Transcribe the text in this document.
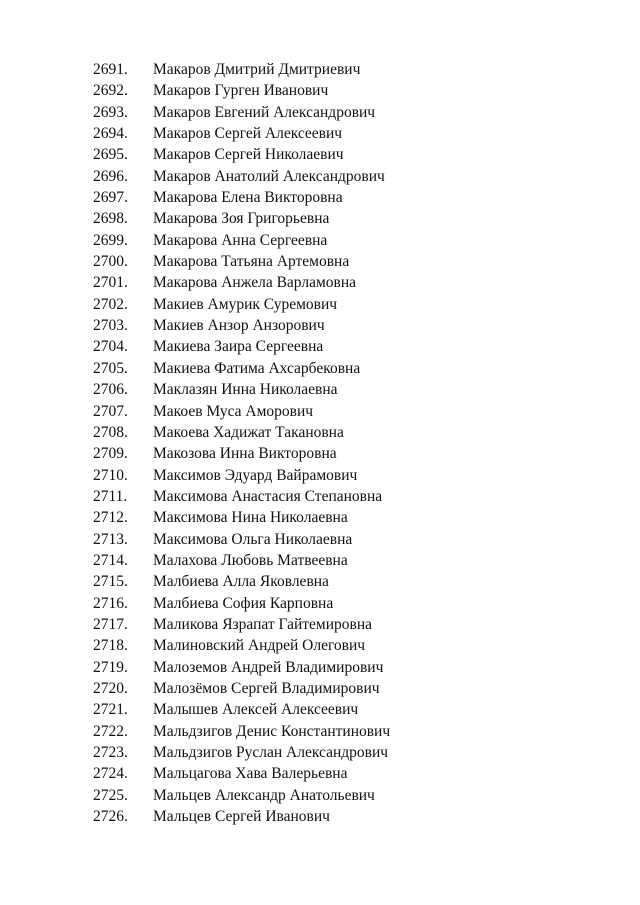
2691.	Макаров Дмитрий Дмитриевич
2692.	Макаров Гурген Иванович
2693.	Макаров Евгений Александрович
2694.	Макаров Сергей Алексеевич
2695.	Макаров Сергей Николаевич
2696.	Макаров Анатолий Александрович
2697.	Макарова Елена Викторовна
2698.	Макарова Зоя Григорьевна
2699.	Макарова Анна Сергеевна
2700.	Макарова Татьяна Артемовна
2701.	Макарова Анжела Варламовна
2702.	Макиев Амурик Суремович
2703.	Макиев Анзор Анзорович
2704.	Макиева Заира Сергеевна
2705.	Макиева Фатима Ахсарбековна
2706.	Маклазян Инна Николаевна
2707.	Макоев Муса Аморович
2708.	Макоева Хадижат Такановна
2709.	Макозова Инна Викторовна
2710.	Максимов Эдуард Вайрамович
2711.	Максимова Анастасия Степановна
2712.	Максимова Нина Николаевна
2713.	Максимова Ольга Николаевна
2714.	Малахова Любовь Матвеевна
2715.	Малбиева Алла Яковлевна
2716.	Малбиева София Карповна
2717.	Маликова Язрапат Гайтемировна
2718.	Малиновский Андрей Олегович
2719.	Малоземов Андрей Владимирович
2720.	Малозёмов Сергей Владимирович
2721.	Малышев Алексей Алексеевич
2722.	Мальдзигов Денис Константинович
2723.	Мальдзигов Руслан Александрович
2724.	Мальцагова Хава Валерьевна
2725.	Мальцев Александр Анатольевич
2726.	Мальцев Сергей Иванович
